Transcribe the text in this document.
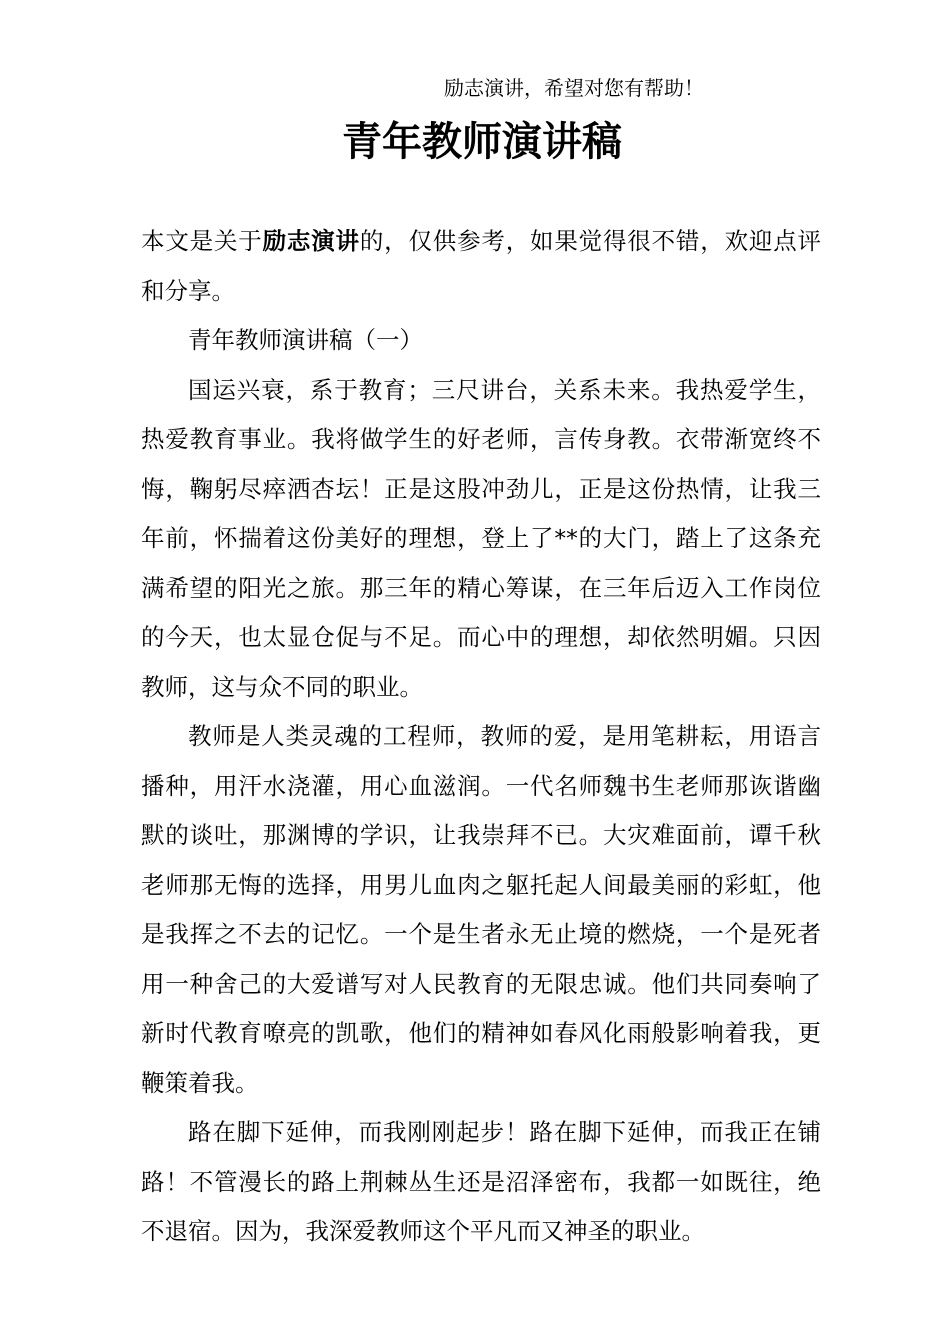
励志演讲，希望对您有帮助！
青年教师演讲稿

本文是关于励志演讲的，仅供参考，如果觉得很不错，欢迎点评和分享。

青年教师演讲稿（一）

国运兴衰，系于教育；三尺讲台，关系未来。我热爱学生，热爱教育事业。我将做学生的好老师，言传身教。衣带渐宽终不悔，鞠躬尽瘁洒杏坛！正是这股冲劲儿，正是这份热情，让我三年前，怀揣着这份美好的理想，登上了**的大门，踏上了这条充满希望的阳光之旅。那三年的精心筹谋，在三年后迈入工作岗位的今天，也太显仓促与不足。而心中的理想，却依然明媚。只因教师，这与众不同的职业。

教师是人类灵魂的工程师，教师的爱，是用笔耕耘，用语言播种，用汗水浇灌，用心血滋润。一代名师魏书生老师那诙谐幽默的谈吐，那渊博的学识，让我崇拜不已。大灾难面前，谭千秋老师那无悔的选择，用男儿血肉之躯托起人间最美丽的彩虹，他是我挥之不去的记忆。一个是生者永无止境的燃烧，一个是死者用一种舍己的大爱谱写对人民教育的无限忠诚。他们共同奏响了新时代教育嘹亮的凯歌，他们的精神如春风化雨般影响着我，更鞭策着我。

路在脚下延伸，而我刚刚起步！路在脚下延伸，而我正在铺路！不管漫长的路上荆棘丛生还是沼泽密布，我都一如既往，绝不退宿。因为，我深爱教师这个平凡而又神圣的职业。
